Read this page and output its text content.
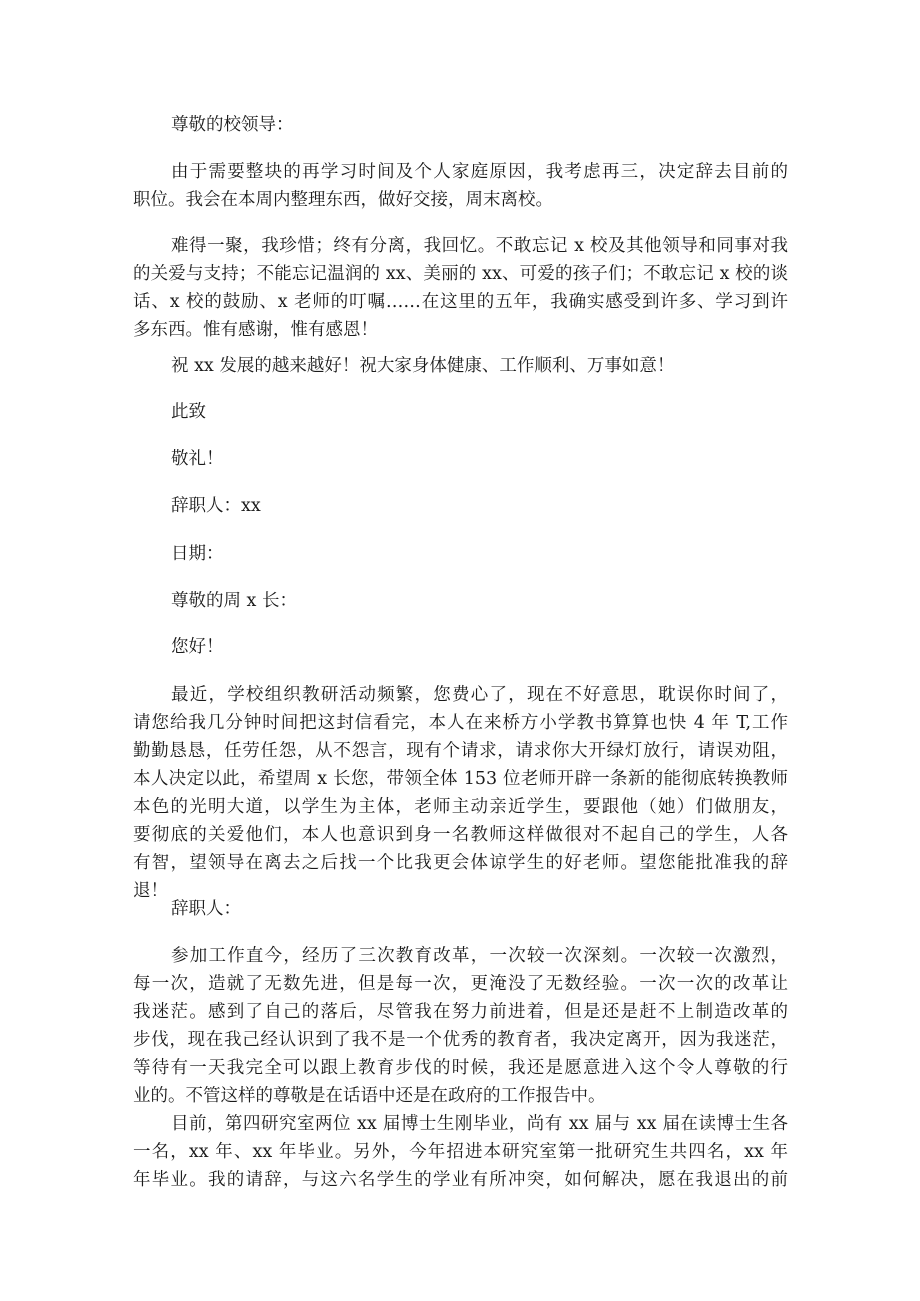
尊敬的校领导：

由于需要整块的再学习时间及个人家庭原因，我考虑再三，决定辞去目前的
职位。我会在本周内整理东西，做好交接，周末离校。
难得一聚，我珍惜；终有分离，我回忆。不敢忘记 x 校及其他领导和同事对我
的关爱与支持；不能忘记温润的 xx、美丽的 xx、可爱的孩子们；不敢忘记 x 校的谈
话、x 校的鼓励、x 老师的叮嘱……在这里的五年，我确实感受到许多、学习到许
多东西。惟有感谢，惟有感恩！

祝 xx 发展的越来越好！祝大家身体健康、工作顺利、万事如意！

此致

敬礼！

辞职人：xx

日期：

尊敬的周 x 长：

您好！

最近，学校组织教研活动频繁，您费心了，现在不好意思，耽误你时间了，
请您给我几分钟时间把这封信看完，本人在来桥方小学教书算算也快 4 年 T,工作
勤勤恳恳，任劳任怨，从不怨言，现有个请求，请求你大开绿灯放行，请误劝阻，
本人决定以此，希望周 x 长您，带领全体 153 位老师开辟一条新的能彻底转换教师
本色的光明大道，以学生为主体，老师主动亲近学生，要跟他（她）们做朋友，
要彻底的关爱他们，本人也意识到身一名教师这样做很对不起自己的学生，人各
有智，望领导在离去之后找一个比我更会体谅学生的好老师。望您能批准我的辞
退！

辞职人：

参加工作直今，经历了三次教育改革，一次较一次深刻。一次较一次激烈，
每一次，造就了无数先进，但是每一次，更淹没了无数经验。一次一次的改革让
我迷茫。感到了自己的落后，尽管我在努力前进着，但是还是赶不上制造改革的
步伐，现在我己经认识到了我不是一个优秀的教育者，我决定离开，因为我迷茫，
等待有一天我完全可以跟上教育步伐的时候，我还是愿意进入这个令人尊敬的行
业的。不管这样的尊敬是在话语中还是在政府的工作报告中。
目前，第四研究室两位 xx 届博士生刚毕业，尚有 xx 届与 xx 届在读博士生各
一名，xx 年、xx 年毕业。另外，今年招进本研究室第一批研究生共四名，xx 年
年毕业。我的请辞，与这六名学生的学业有所冲突，如何解决，愿在我退出的前
